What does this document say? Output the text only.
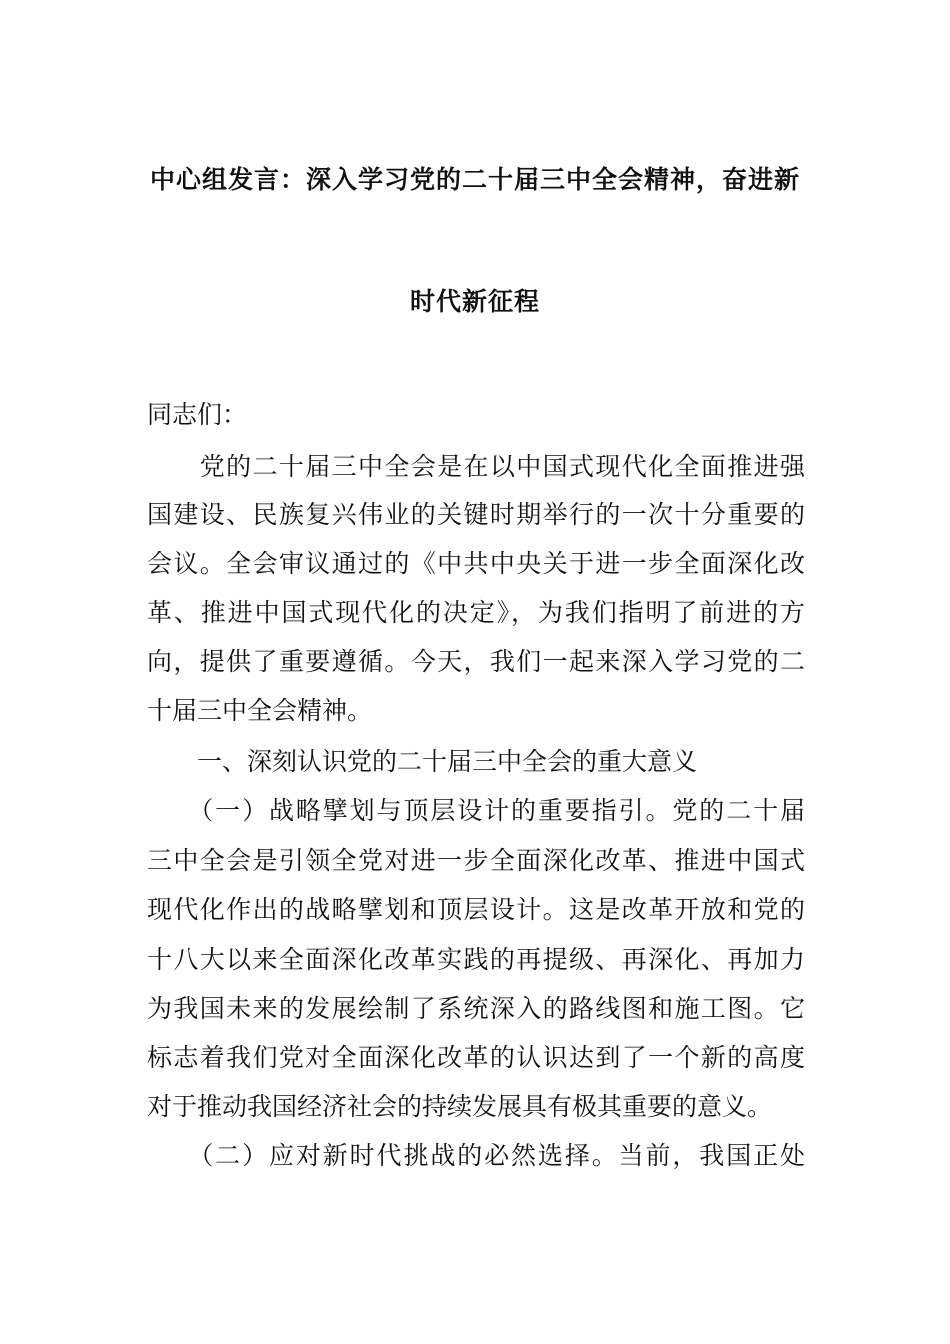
中心组发言：深入学习党的二十届三中全会精神，奋进新
时代新征程
同志们：
　　党的二十届三中全会是在以中国式现代化全面推进强
国建设、民族复兴伟业的关键时期举行的一次十分重要的
会议。全会审议通过的《中共中央关于进一步全面深化改
革、推进中国式现代化的决定》，为我们指明了前进的方
向，提供了重要遵循。今天，我们一起来深入学习党的二
十届三中全会精神。
　　一、深刻认识党的二十届三中全会的重大意义
　　（一）战略擘划与顶层设计的重要指引。党的二十届
三中全会是引领全党对进一步全面深化改革、推进中国式
现代化作出的战略擘划和顶层设计。这是改革开放和党的
十八大以来全面深化改革实践的再提级、再深化、再加力
为我国未来的发展绘制了系统深入的路线图和施工图。它
标志着我们党对全面深化改革的认识达到了一个新的高度
对于推动我国经济社会的持续发展具有极其重要的意义。
　　（二）应对新时代挑战的必然选择。当前，我国正处
